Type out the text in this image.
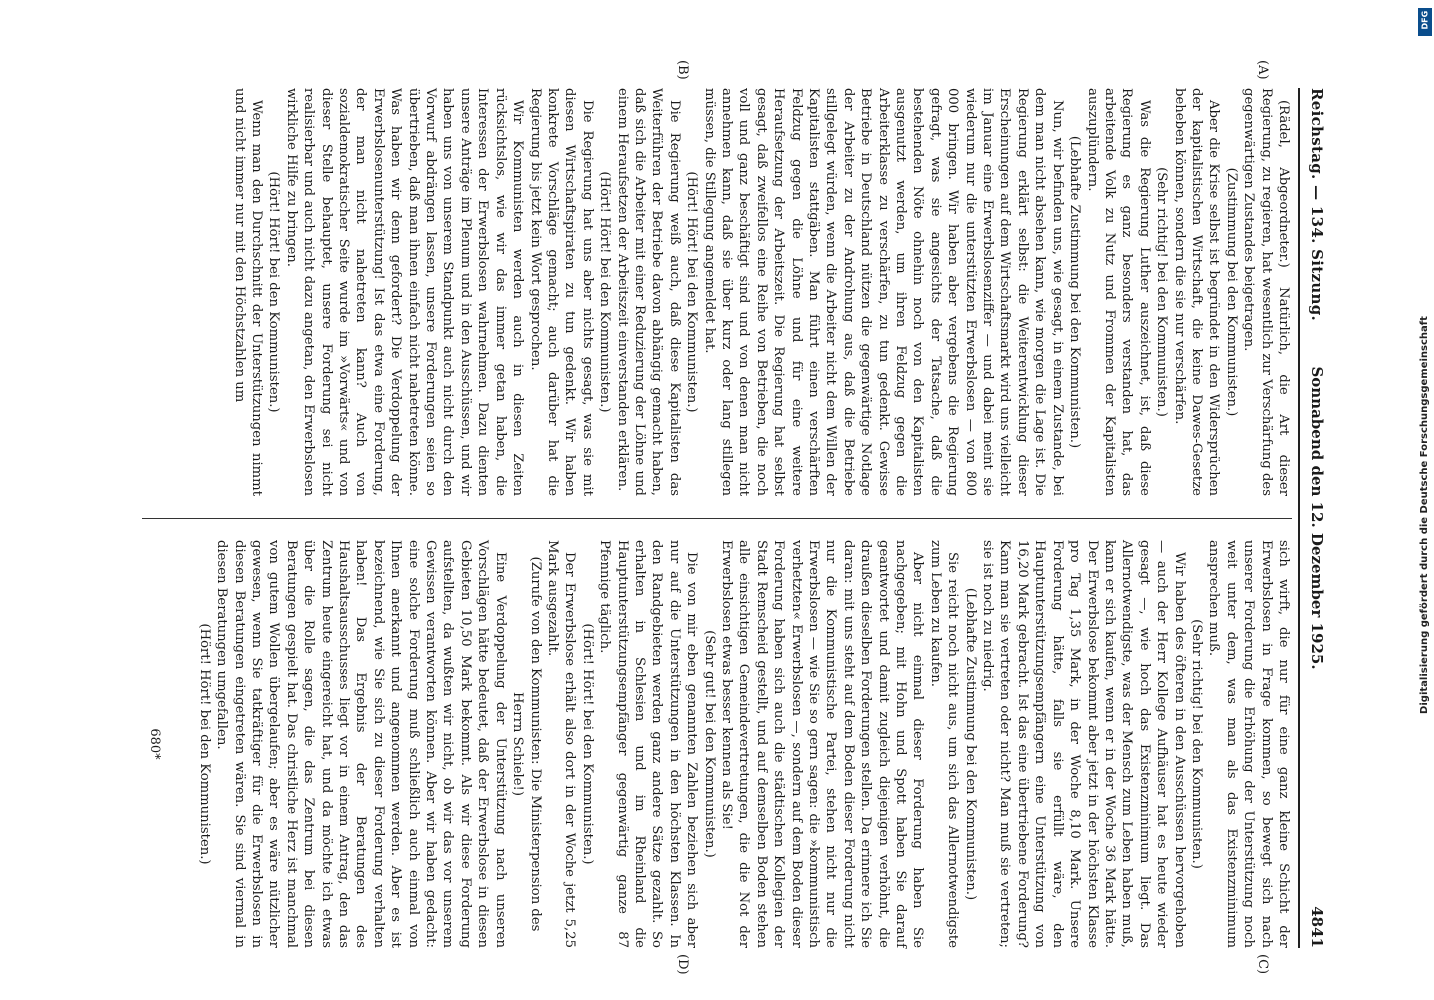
Reichstag. — 134. Sitzung.
Sonnabend den 12. Dezember 1925.
4841
(A)
(B)
(C)
(D)

(Rädel, Abgeordneter.) Natürlich, die Art dieser Regierung, zu regieren, hat wesentlich zur Verschärfung des gegenwärtigen Zustandes beigetragen.

(Zustimmung bei den Kommunisten.)

Aber die Krise selbst ist begründet in den Widersprüchen der kapitalistischen Wirtschaft, die keine Dawes-Gesetze beheben können, sondern die sie nur verschärfen.

(Sehr richtig! bei den Kommunisten.)

Was die Regierung Luther auszeichnet, ist, daß diese Regierung es ganz besonders verstanden hat, das arbeitende Volk zu Nutz und Frommen der Kapitalisten auszuplündern.

(Lebhafte Zustimmung bei den Kommunisten.)

Nun, wir befinden uns, wie gesagt, in einem Zustande, bei dem man nicht absehen kann, wie morgen die Lage ist. Die Regierung erklärt selbst: die Weiterentwicklung dieser Erscheinungen auf dem Wirtschaftsmarkt wird uns vielleicht im Januar eine Erwerbslosenziffer — und dabei meint sie wiederum nur die unterstützten Erwerbslosen — von 800 000 bringen. Wir haben aber vergebens die Regierung gefragt, was sie angesichts der Tatsache, daß die bestehenden Nöte ohnehin noch von den Kapitalisten ausgenutzt werden, um ihren Feldzug gegen die Arbeiterklasse zu verschärfen, zu tun gedenkt. Gewisse Betriebe in Deutschland nützen die gegenwärtige Notlage der Arbeiter zu der Androhung aus, daß die Betriebe stillgelegt würden, wenn die Arbeiter nicht dem Willen der Kapitalisten stattgäben. Man führt einen verschärften Feldzug gegen die Löhne und für eine weitere Heraufsetzung der Arbeitszeit. Die Regierung hat selbst gesagt, daß zweifellos eine Reihe von Betrieben, die noch voll und ganz beschäftigt sind und von denen man nicht annehmen kann, daß sie über kurz oder lang stillegen müssen, die Stillegung angemeldet hat.

(Hört! Hört! bei den Kommunisten.)

Die Regierung weiß auch, daß diese Kapitalisten das Weiterführen der Betriebe davon abhängig gemacht haben, daß sich die Arbeiter mit einer Reduzierung der Löhne und einem Heraufsetzen der Arbeitszeit einverstanden erklären.

(Hört! Hört! bei den Kommunisten.)

Die Regierung hat uns aber nichts gesagt, was sie mit diesen Wirtschaftspiraten zu tun gedenkt. Wir haben konkrete Vorschläge gemacht; auch darüber hat die Regierung bis jetzt kein Wort gesprochen.

Wir Kommunisten werden auch in diesen Zeiten rücksichtslos, wie wir das immer getan haben, die Interessen der Erwerbslosen wahrnehmen. Dazu dienten unsere Anträge im Plenum und in den Ausschüssen, und wir haben uns von unserem Standpunkt auch nicht durch den Vorwurf abdrängen lassen, unsere Forderungen seien so übertrieben, daß man ihnen einfach nicht nahetreten könne. Was haben wir denn gefordert? Die Verdoppelung der Erwerbslosenunterstützung! Ist das etwa eine Forderung, der man nicht nahetreten kann? Auch von sozialdemokratischer Seite wurde im »Vorwärts« und von dieser Stelle behauptet, unsere Forderung sei nicht realisierbar und auch nicht dazu angetan, den Erwerbslosen wirkliche Hilfe zu bringen.

(Hört! Hört! bei den Kommunisten.)

Wenn man den Durchschnitt der Unterstützungen nimmt und nicht immer nur mit den Höchstzahlen um

sich wirft, die nur für eine ganz kleine Schicht der Erwerbslosen in Frage kommen, so bewegt sich nach unserer Forderung die Erhöhung der Unterstützung noch weit unter dem, was man als das Existenzminimum ansprechen muß.

(Sehr richtig! bei den Kommunisten.)

Wir haben des öfteren in den Ausschüssen hervorgehoben — auch der Herr Kollege Aufhäuser hat es heute wieder gesagt —, wie hoch das Existenzminimum liegt. Das Allernotwendigste, was der Mensch zum Leben haben muß, kann er sich kaufen, wenn er in der Woche 36 Mark hätte. Der Erwerbslose bekommt aber jetzt in der höchsten Klasse pro Tag 1,35 Mark, in der Woche 8,10 Mark. Unsere Forderung hätte, falls sie erfüllt wäre, den Hauptunterstützungsempfängern eine Unterstützung von 16,20 Mark gebracht. Ist das eine übertriebene Forderung? Kann man sie vertreten oder nicht? Man muß sie vertreten; sie ist noch zu niedrig.

(Lebhafte Zustimmung bei den Kommunisten.)

Sie reicht noch nicht aus, um sich das Allernotwendigste zum Leben zu kaufen.

Aber nicht einmal dieser Forderung haben Sie nachgegeben; mit Hohn und Spott haben Sie darauf geantwortet und damit zugleich diejenigen verhöhnt, die draußen dieselben Forderungen stellen. Da erinnere ich Sie daran: mit uns steht auf dem Boden dieser Forderung nicht nur die Kommunistische Partei, stehen nicht nur die Erwerbslosen — wie Sie so gern sagen: die »kommunistisch verhetzten« Erwerbslosen —, sondern auf dem Boden dieser Forderung haben sich auch die städtischen Kollegien der Stadt Remscheid gestellt, und auf demselben Boden stehen alle einsichtigen Gemeindevertretungen, die die Not der Erwerbslosen etwas besser kennen als Sie!

(Sehr gut! bei den Kommunisten.)

Die von mir eben genannten Zahlen beziehen sich aber nur auf die Unterstützungen in den höchsten Klassen. In den Randgebieten werden ganz andere Sätze gezahlt. So erhalten in Schlesien und im Rheinland die Hauptunterstützungsempfänger gegenwärtig ganze 87 Pfennige täglich.

(Hört! Hört! bei den Kommunisten.)

Der Erwerbslose erhält also dort in der Woche jetzt 5,25 Mark ausgezahlt.

(Zurufe von den Kommunisten: Die Ministerpension des Herrn Schiele!)

Eine Verdoppelung der Unterstützung nach unseren Vorschlägen hätte bedeutet, daß der Erwerbslose in diesen Gebieten 10,50 Mark bekommt. Als wir diese Forderung aufstellten, da wußten wir nicht, ob wir das vor unserem Gewissen verantworten können. Aber wir haben gedacht: eine solche Forderung muß schließlich auch einmal von Ihnen anerkannt und angenommen werden. Aber es ist bezeichnend, wie Sie sich zu dieser Forderung verhalten haben! Das Ergebnis der Beratungen des Haushaltsausschusses liegt vor in einem Antrag, den das Zentrum heute eingereicht hat, und da möchte ich etwas über die Rolle sagen, die das Zentrum bei diesen Beratungen gespielt hat. Das christliche Herz ist manchmal von gutem Wollen übergelaufen; aber es wäre nützlicher gewesen, wenn Sie tatkräftiger für die Erwerbslosen in diesen Beratungen eingetreten wären. Sie sind viermal in diesen Beratungen umgefallen.

(Hört! Hört! bei den Kommunisten.)

680*
DFG
Digitalisierung gefördert durch die Deutsche Forschungsgemeinschaft
